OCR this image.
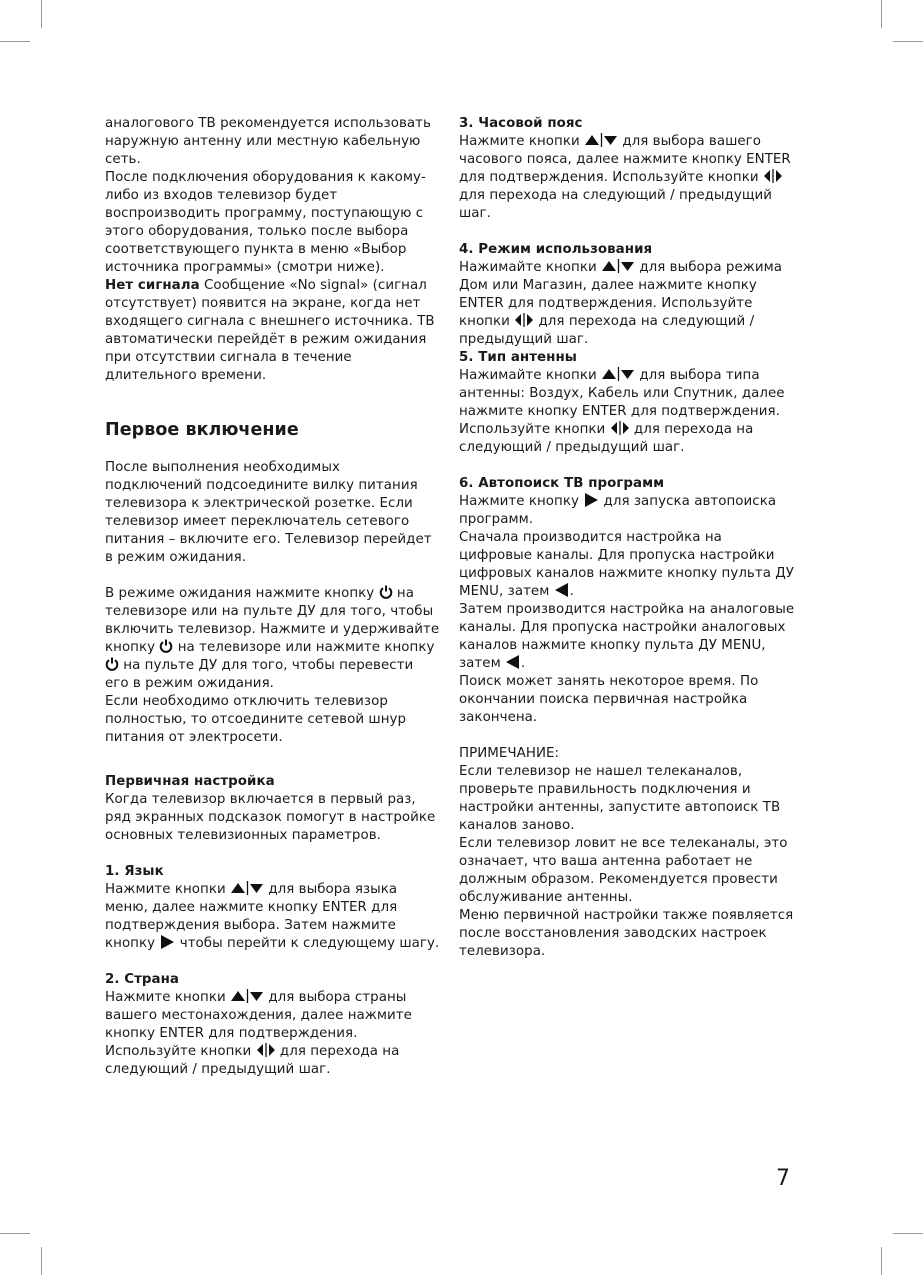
аналогового ТВ рекомендуется использовать наружную антенну или местную кабельную сеть.

После подключения оборудования к какому-либо из входов телевизор будет воспроизводить программу, поступающую с этого оборудования, только после выбора соответствующего пункта в меню «Выбор источника программы» (смотри ниже).

Нет сигнала Сообщение «No signal» (сигнал отсутствует) появится на экране, когда нет входящего сигнала с внешнего источника. ТВ автоматически перейдёт в режим ожидания при отсутствии сигнала в течение длительного времени.

Первое включение

После выполнения необходимых подключений подсоедините вилку питания телевизора к электрической розетке. Если телевизор имеет переключатель сетевого питания – включите его. Телевизор перейдет в режим ожидания.

В режиме ожидания нажмите кнопку  на телевизоре или на пульте ДУ для того, чтобы включить телевизор. Нажмите и удерживайте кнопку  на телевизоре или нажмите кнопку  на пульте ДУ для того, чтобы перевести его в режим ожидания.

Если необходимо отключить телевизор полностью, то отсоедините сетевой шнур питания от электросети.

Первичная настройка

Когда телевизор включается в первый раз, ряд экранных подсказок помогут в настройке основных телевизионных параметров.

1. Язык

Нажмите кнопки	для выбора языка меню, далее нажмите кнопку ENTER для подтверждения выбора. Затем нажмите кнопку  чтобы перейти к следующему шагу.

2. Страна

Нажмите кнопки	для выбора страны вашего местонахождения, далее нажмите кнопку ENTER для подтверждения. Используйте кнопки  для перехода на следующий / предыдущий шаг.

3. Часовой пояс

Нажмите кнопки	для выбора вашего часового пояса, далее нажмите кнопку ENTER для подтверждения. Используйте кнопки  для перехода на следующий / предыдущий шаг.

4. Режим использования

Нажимайте кнопки	для выбора режима Дом или Магазин, далее нажмите кнопку ENTER для подтверждения. Используйте кнопки  для перехода на следующий / предыдущий шаг.

5. Тип антенны

Нажимайте кнопки	для выбора типа антенны: Воздух, Кабель или Спутник, далее нажмите кнопку ENTER для подтверждения. Используйте кнопки  для перехода на следующий / предыдущий шаг.

6. Автопоиск ТВ программ

Нажмите кнопку  для запуска автопоиска программ.

Сначала производится настройка на цифровые каналы. Для пропуска настройки цифровых каналов нажмите кнопку пульта ДУ MENU, затем .

Затем производится настройка на аналоговые каналы. Для пропуска настройки аналоговых каналов нажмите кнопку пульта ДУ MENU, затем .

Поиск может занять некоторое время. По окончании поиска первичная настройка закончена.

ПРИМЕЧАНИЕ:

Если телевизор не нашел телеканалов, проверьте правильность подключения и настройки антенны, запустите автопоиск ТВ каналов заново.

Если телевизор ловит не все телеканалы, это означает, что ваша антенна работает не должным образом. Рекомендуется провести обслуживание антенны.

Меню первичной настройки также появляется после восстановления заводских настроек телевизора.

7
